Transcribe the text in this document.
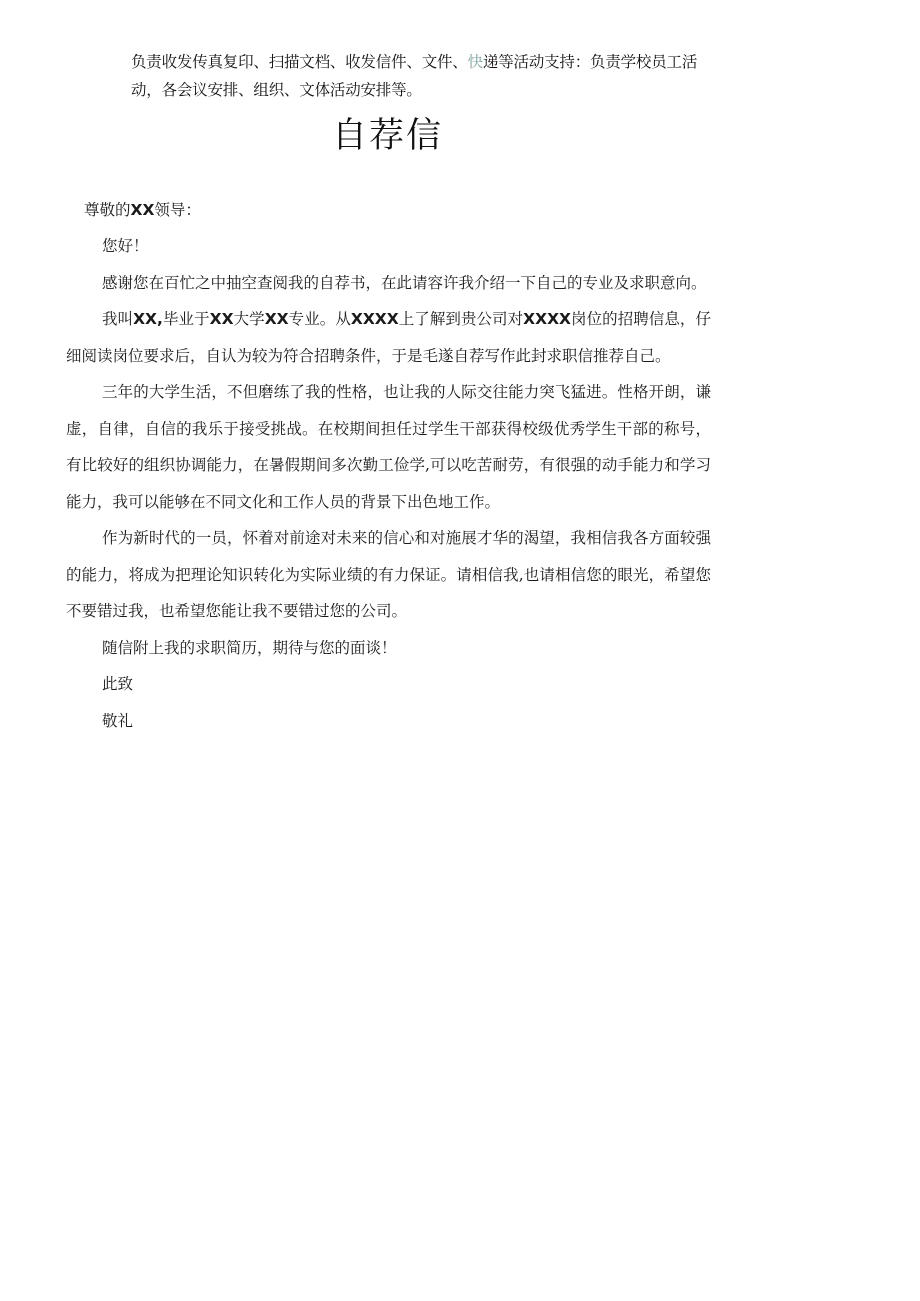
负责收发传真复印、扫描文档、收发信件、文件、快递等活动支持：负责学校员工活动，各会议安排、组织、文体活动安排等。
自荐信

尊敬的XX领导：

您好！

感谢您在百忙之中抽空查阅我的自荐书，在此请容许我介绍一下自己的专业及求职意向。

我叫XX,毕业于XX大学XX专业。从XXXX上了解到贵公司对XXXX岗位的招聘信息，仔细阅读岗位要求后，自认为较为符合招聘条件，于是毛遂自荐写作此封求职信推荐自己。

三年的大学生活，不但磨练了我的性格，也让我的人际交往能力突飞猛进。性格开朗，谦虚，自律，自信的我乐于接受挑战。在校期间担任过学生干部获得校级优秀学生干部的称号，有比较好的组织协调能力，在暑假期间多次勤工俭学,可以吃苦耐劳，有很强的动手能力和学习能力，我可以能够在不同文化和工作人员的背景下出色地工作。

作为新时代的一员，怀着对前途对未来的信心和对施展才华的渴望，我相信我各方面较强的能力，将成为把理论知识转化为实际业绩的有力保证。请相信我,也请相信您的眼光，希望您不要错过我，也希望您能让我不要错过您的公司。

随信附上我的求职简历，期待与您的面谈！

此致

敬礼
